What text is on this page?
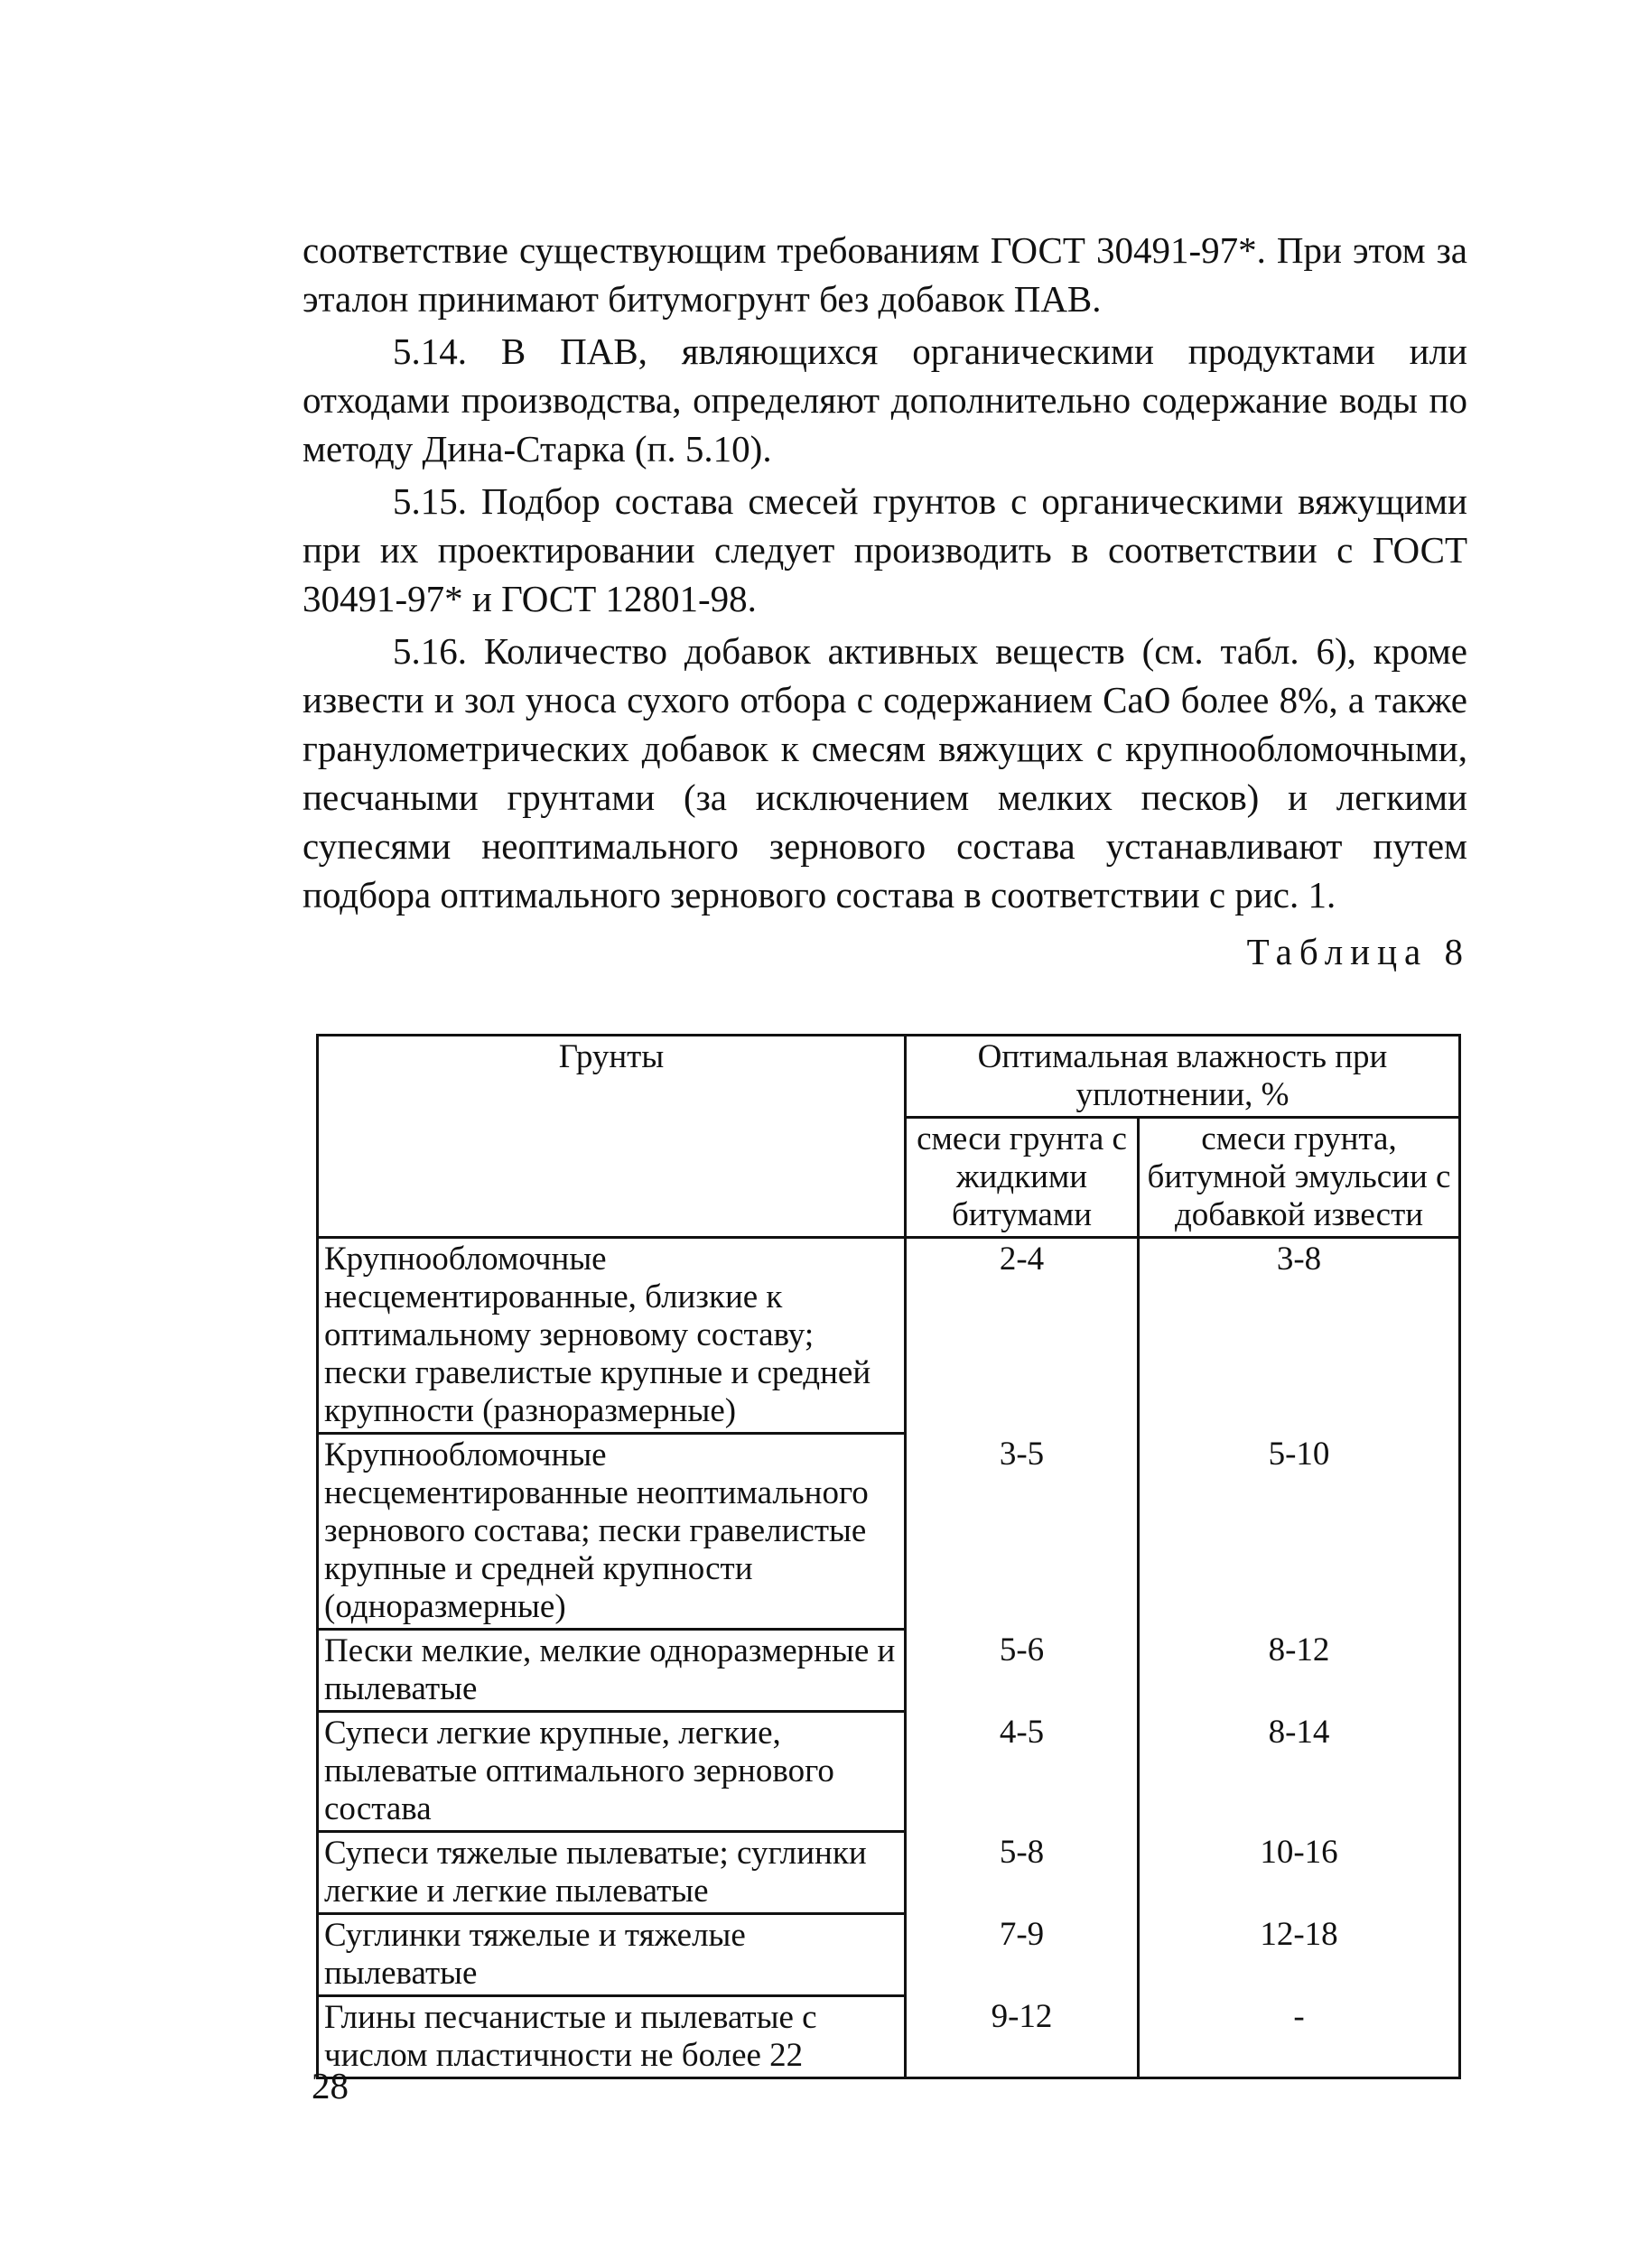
соответствие существующим требованиям ГОСТ 30491-97*. При этом за эталон принимают битумогрунт без добавок ПАВ.

5.14. В ПАВ, являющихся органическими продуктами или отходами производства, определяют дополнительно содержание воды по методу Дина-Старка (п. 5.10).

5.15. Подбор состава смесей грунтов с органическими вяжущими при их проектировании следует производить в соответствии с ГОСТ 30491-97* и ГОСТ 12801-98.

5.16. Количество добавок активных веществ (см. табл. 6), кроме извести и зол уноса сухого отбора с содержанием CaO более 8%, а также гранулометрических добавок к смесям вяжущих с крупнообломочными, песчаными грунтами (за исключением мелких песков) и легкими супесями неоптимального зернового состава устанавливают путем подбора оптимального зернового состава в соответствии с рис. 1.

Таблица 8
Грунты	Оптимальная влажность при уплотнении, %	
	смеси грунта с жидкими битумами	смеси грунта, битумной эмульсии с добавкой извести
Крупнообломочные несцементированные, близкие к оптимальному зерновому составу; пески гравелистые крупные и средней крупности (разноразмерные)	2-4	3-8
Крупнообломочные несцементированные неоптимального зернового состава; пески гравелистые крупные и средней крупности (одноразмерные)	3-5	5-10
Пески мелкие, мелкие одноразмерные и пылеватые	5-6	8-12
Супеси легкие крупные, легкие, пылеватые оптимального зернового состава	4-5	8-14
Супеси тяжелые пылеватые; суглинки легкие и легкие пылеватые	5-8	10-16
Суглинки тяжелые и тяжелые пылеватые	7-9	12-18
Глины песчанистые и пылеватые с числом пластичности не более 22	9-12	-
28
